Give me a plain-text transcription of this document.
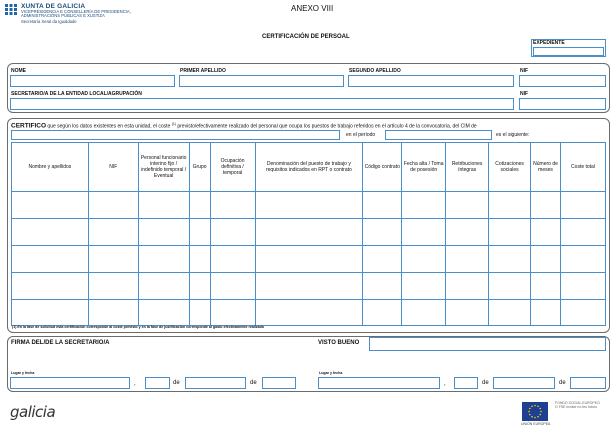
XUNTA DE GALICIA
VICEPRESIDENCIA E CONSELLERÍA DE PRESIDENCIA,
ADMINISTRACIÓNS PÚBLICAS E XUSTIZA
Secretaría Xeral da Igualdade
ANEXO VIII
CERTIFICACIÓN DE PERSOAL
EXPEDIENTE
NOME	PRIMER APELLIDO	SEGUNDO APELLIDO	NIF
SECRETARIO/A DE LA ENTIDAD LOCAL/AGRUPACIÓN	NIF
CERTIFICO que según los datos existentes en esta unidad, el coste $^{(1)}$ previsto/efectivamente realizado del personal que ocupa los puestos de trabajo referidos en el artículo 4 de la convocatoria, del CIM de
en el período	es el siguiente:
Nombre y apellidos	NIF	Personal funcionario interino fijo / indefinido temporal / Eventual	Grupo	Ocupación definitiva / temporal	Denominación del puesto de trabajo y requisitos indicados en RPT o contrato	Código contrato	Fecha alta / Toma de posesión	Retribuciones íntegras	Cotizaciones sociales	Número de meses	Coste total

(1) En la fase de solicitud esta certificación corresponde al coste previsto y en la fase de justificación corresponde al gasto efectivamente realizado
FIRMA DEL/DE LA SECRETARIO/A	VISTO BUENO
Lugar y fecha
,	de	de
Lugar y fecha
,	de	de
galicia
UNIÓN EUROPEA
FONDO SOCIAL EUROPEO
O FSE inviste no teu futuro
